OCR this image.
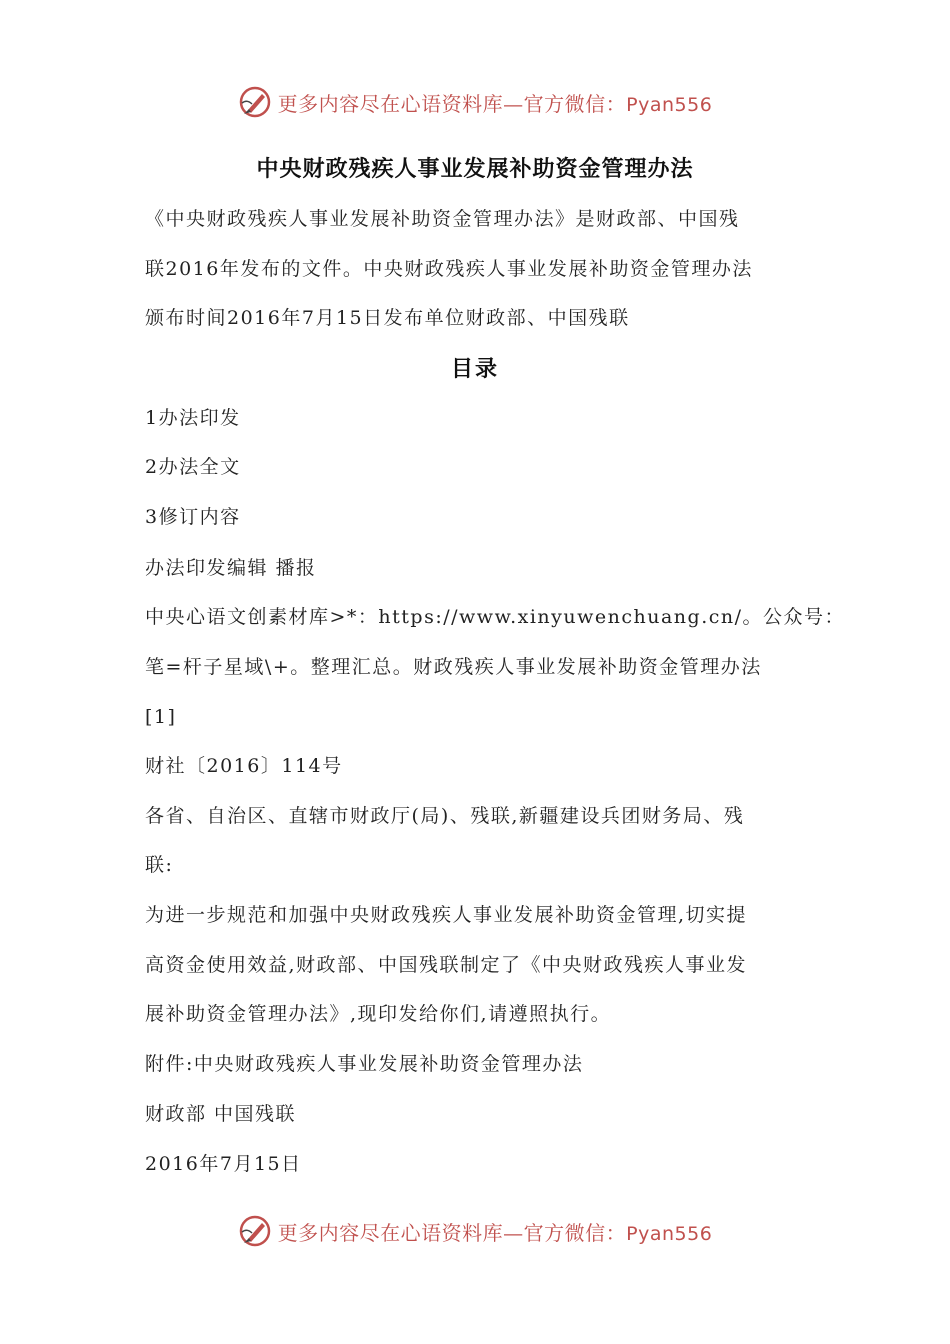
更多内容尽在心语资料库—官方微信：Pyan556
中央财政残疾人事业发展补助资金管理办法
《中央财政残疾人事业发展补助资金管理办法》是财政部、中国残
联2016年发布的文件。中央财政残疾人事业发展补助资金管理办法
颁布时间2016年7月15日发布单位财政部、中国残联
目录
1办法印发
2办法全文
3修订内容
办法印发编辑 播报
中央心语文创素材库>*：https://www.xinyuwenchuang.cn/。公众号：
笔=杆子星域\+。整理汇总。财政残疾人事业发展补助资金管理办法
[1]
财社〔2016〕114号
各省、自治区、直辖市财政厅(局)、残联,新疆建设兵团财务局、残
联:
为进一步规范和加强中央财政残疾人事业发展补助资金管理,切实提
高资金使用效益,财政部、中国残联制定了《中央财政残疾人事业发
展补助资金管理办法》,现印发给你们,请遵照执行。
附件:中央财政残疾人事业发展补助资金管理办法
财政部 中国残联
2016年7月15日
更多内容尽在心语资料库—官方微信：Pyan556
